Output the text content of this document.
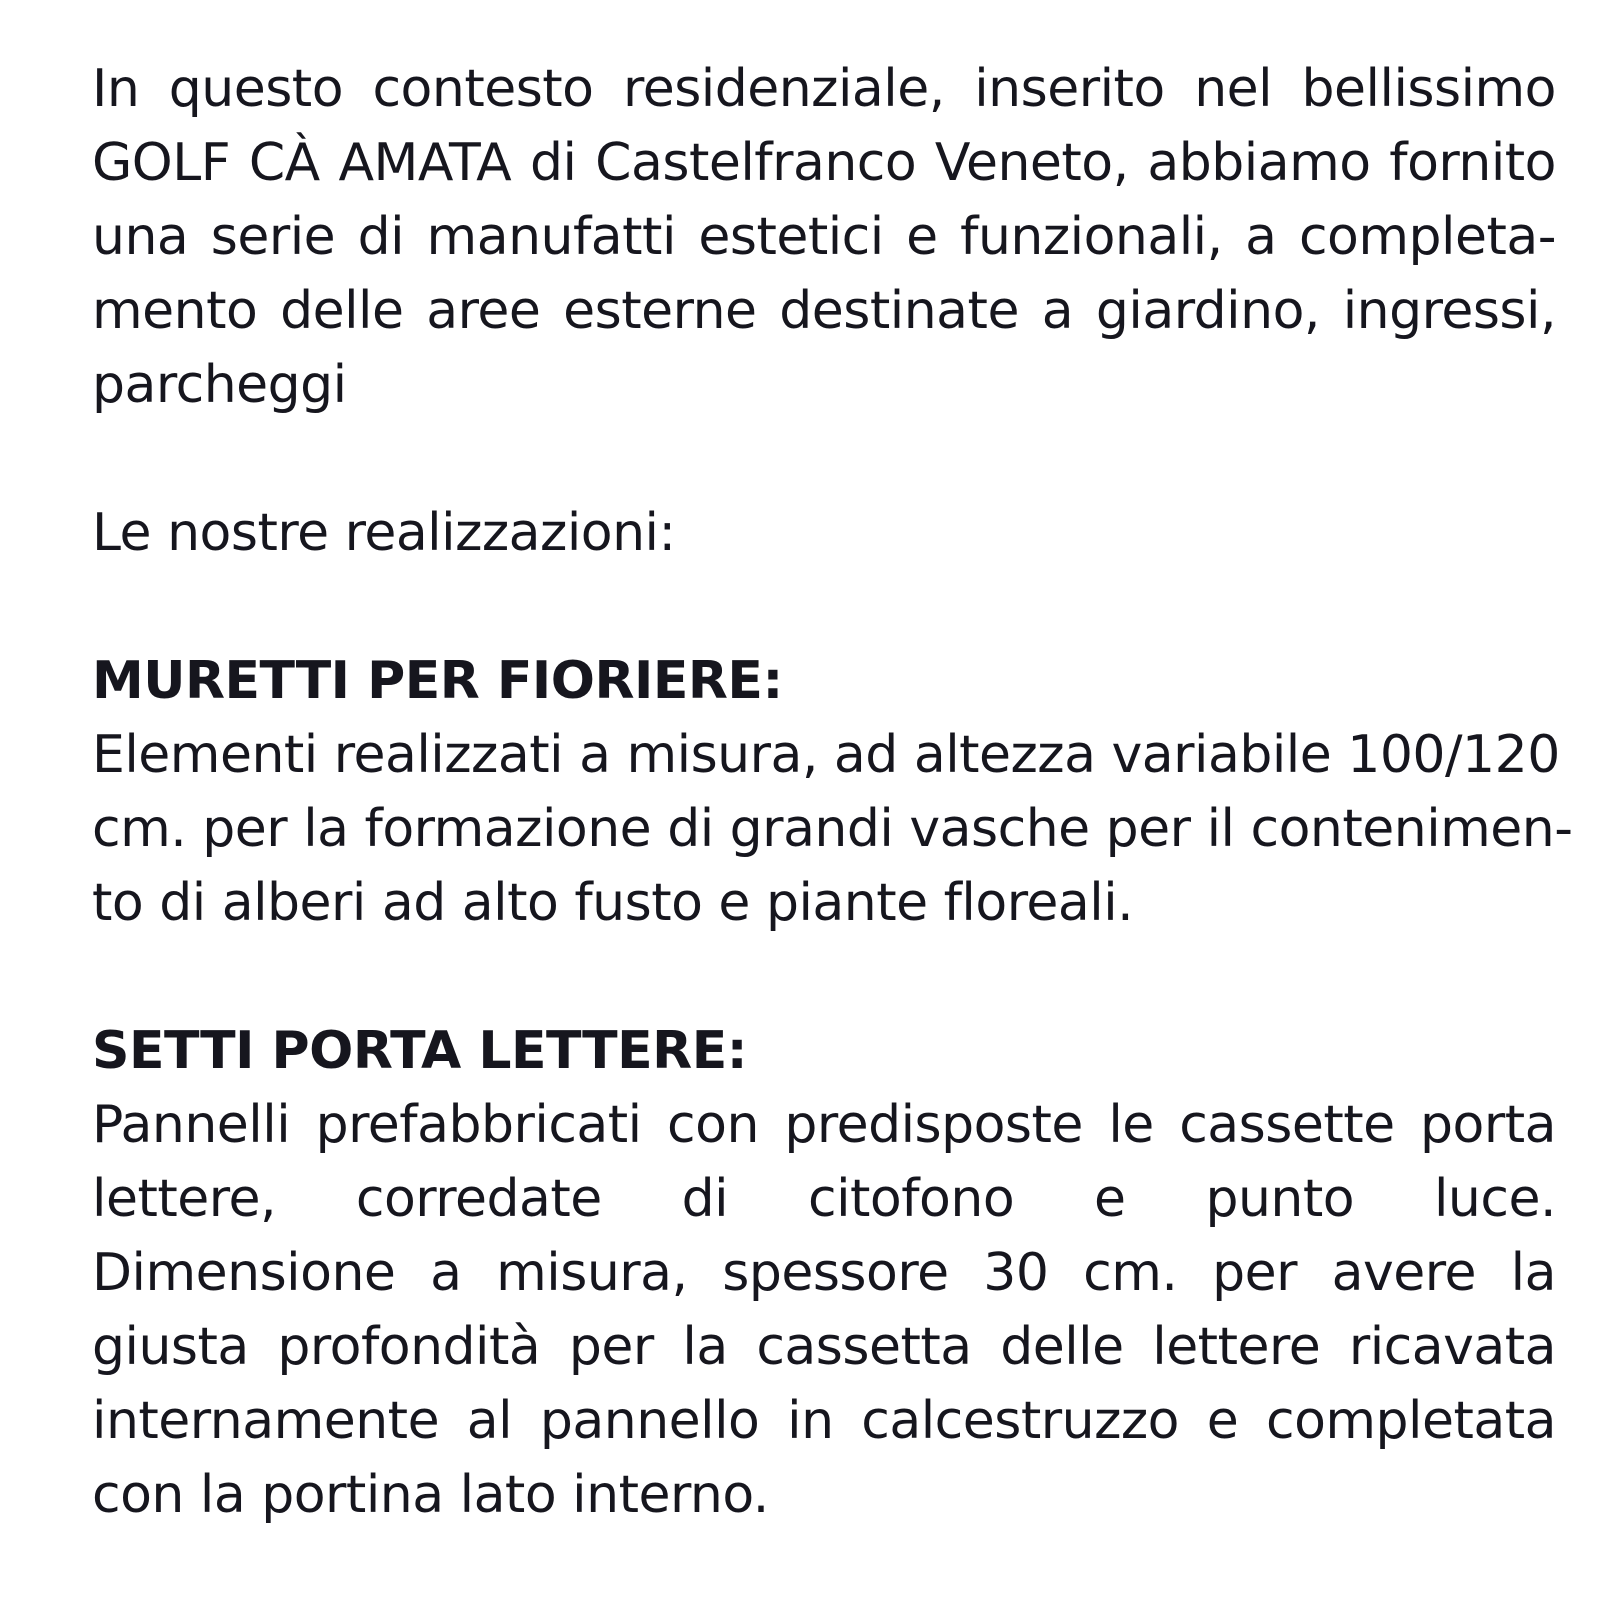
In questo contesto residenziale, inserito nel bellissimo
GOLF CÀ AMATA di Castelfranco Veneto, abbiamo fornito
una serie di manufatti estetici e funzionali, a completa-
mento delle aree esterne destinate a giardino, ingressi,
parcheggi
Le nostre realizzazioni:
MURETTI PER FIORIERE:
Elementi realizzati a misura, ad altezza variabile 100/120
cm. per la formazione di grandi vasche per il contenimen-
to di alberi ad alto fusto e piante floreali.
SETTI PORTA LETTERE:
Pannelli prefabbricati con predisposte le cassette porta
lettere, corredate di citofono e punto luce.
Dimensione a misura, spessore 30 cm. per avere la
giusta profondità per la cassetta delle lettere ricavata
internamente al pannello in calcestruzzo e completata
con la portina lato interno.
